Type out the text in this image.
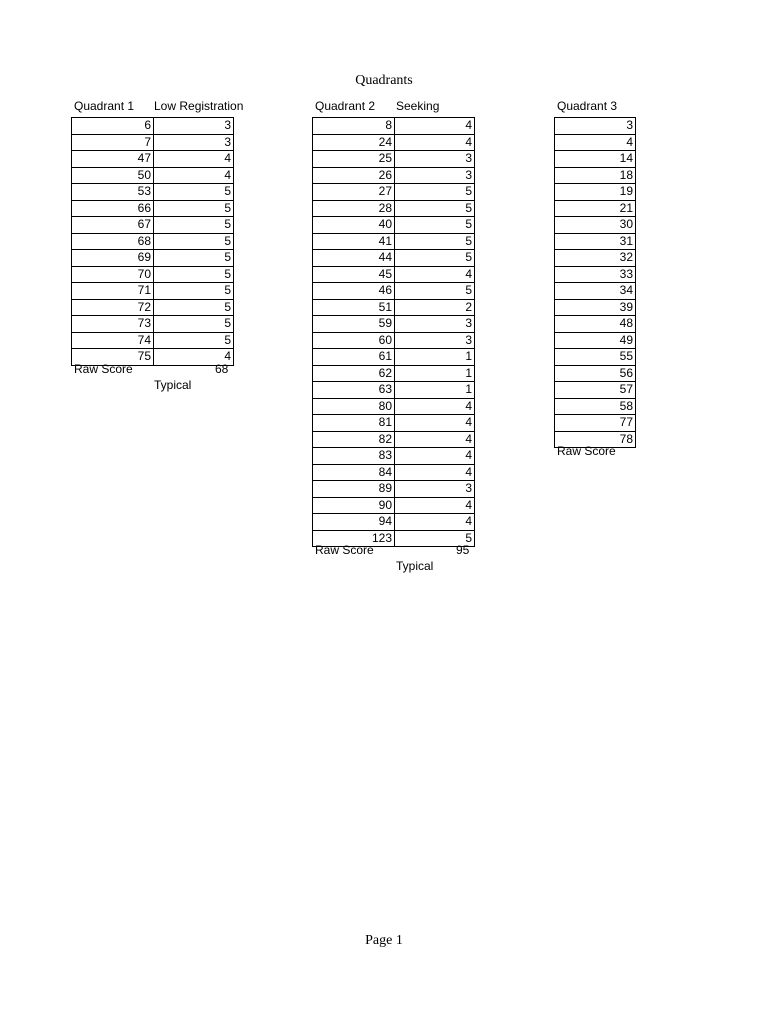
Quadrants
Quadrant 1 Low Registration
6	3
7	3
47	4
50	4
53	5
66	5
67	5
68	5
69	5
70	5
71	5
72	5
73	5
74	5
75	4
Raw Score	68
Typical
Quadrant 2 Seeking
8	4
24	4
25	3
26	3
27	5
28	5
40	5
41	5
44	5
45	4
46	5
51	2
59	3
60	3
61	1
62	1
63	1
80	4
81	4
82	4
83	4
84	4
89	3
90	4
94	4
123	5
Raw Score	95
Typical
Quadrant 3
3
4
14
18
19
21
30
31
32
33
34
39
48
49
55
56
57
58
77
78
Raw Score
Page 1
